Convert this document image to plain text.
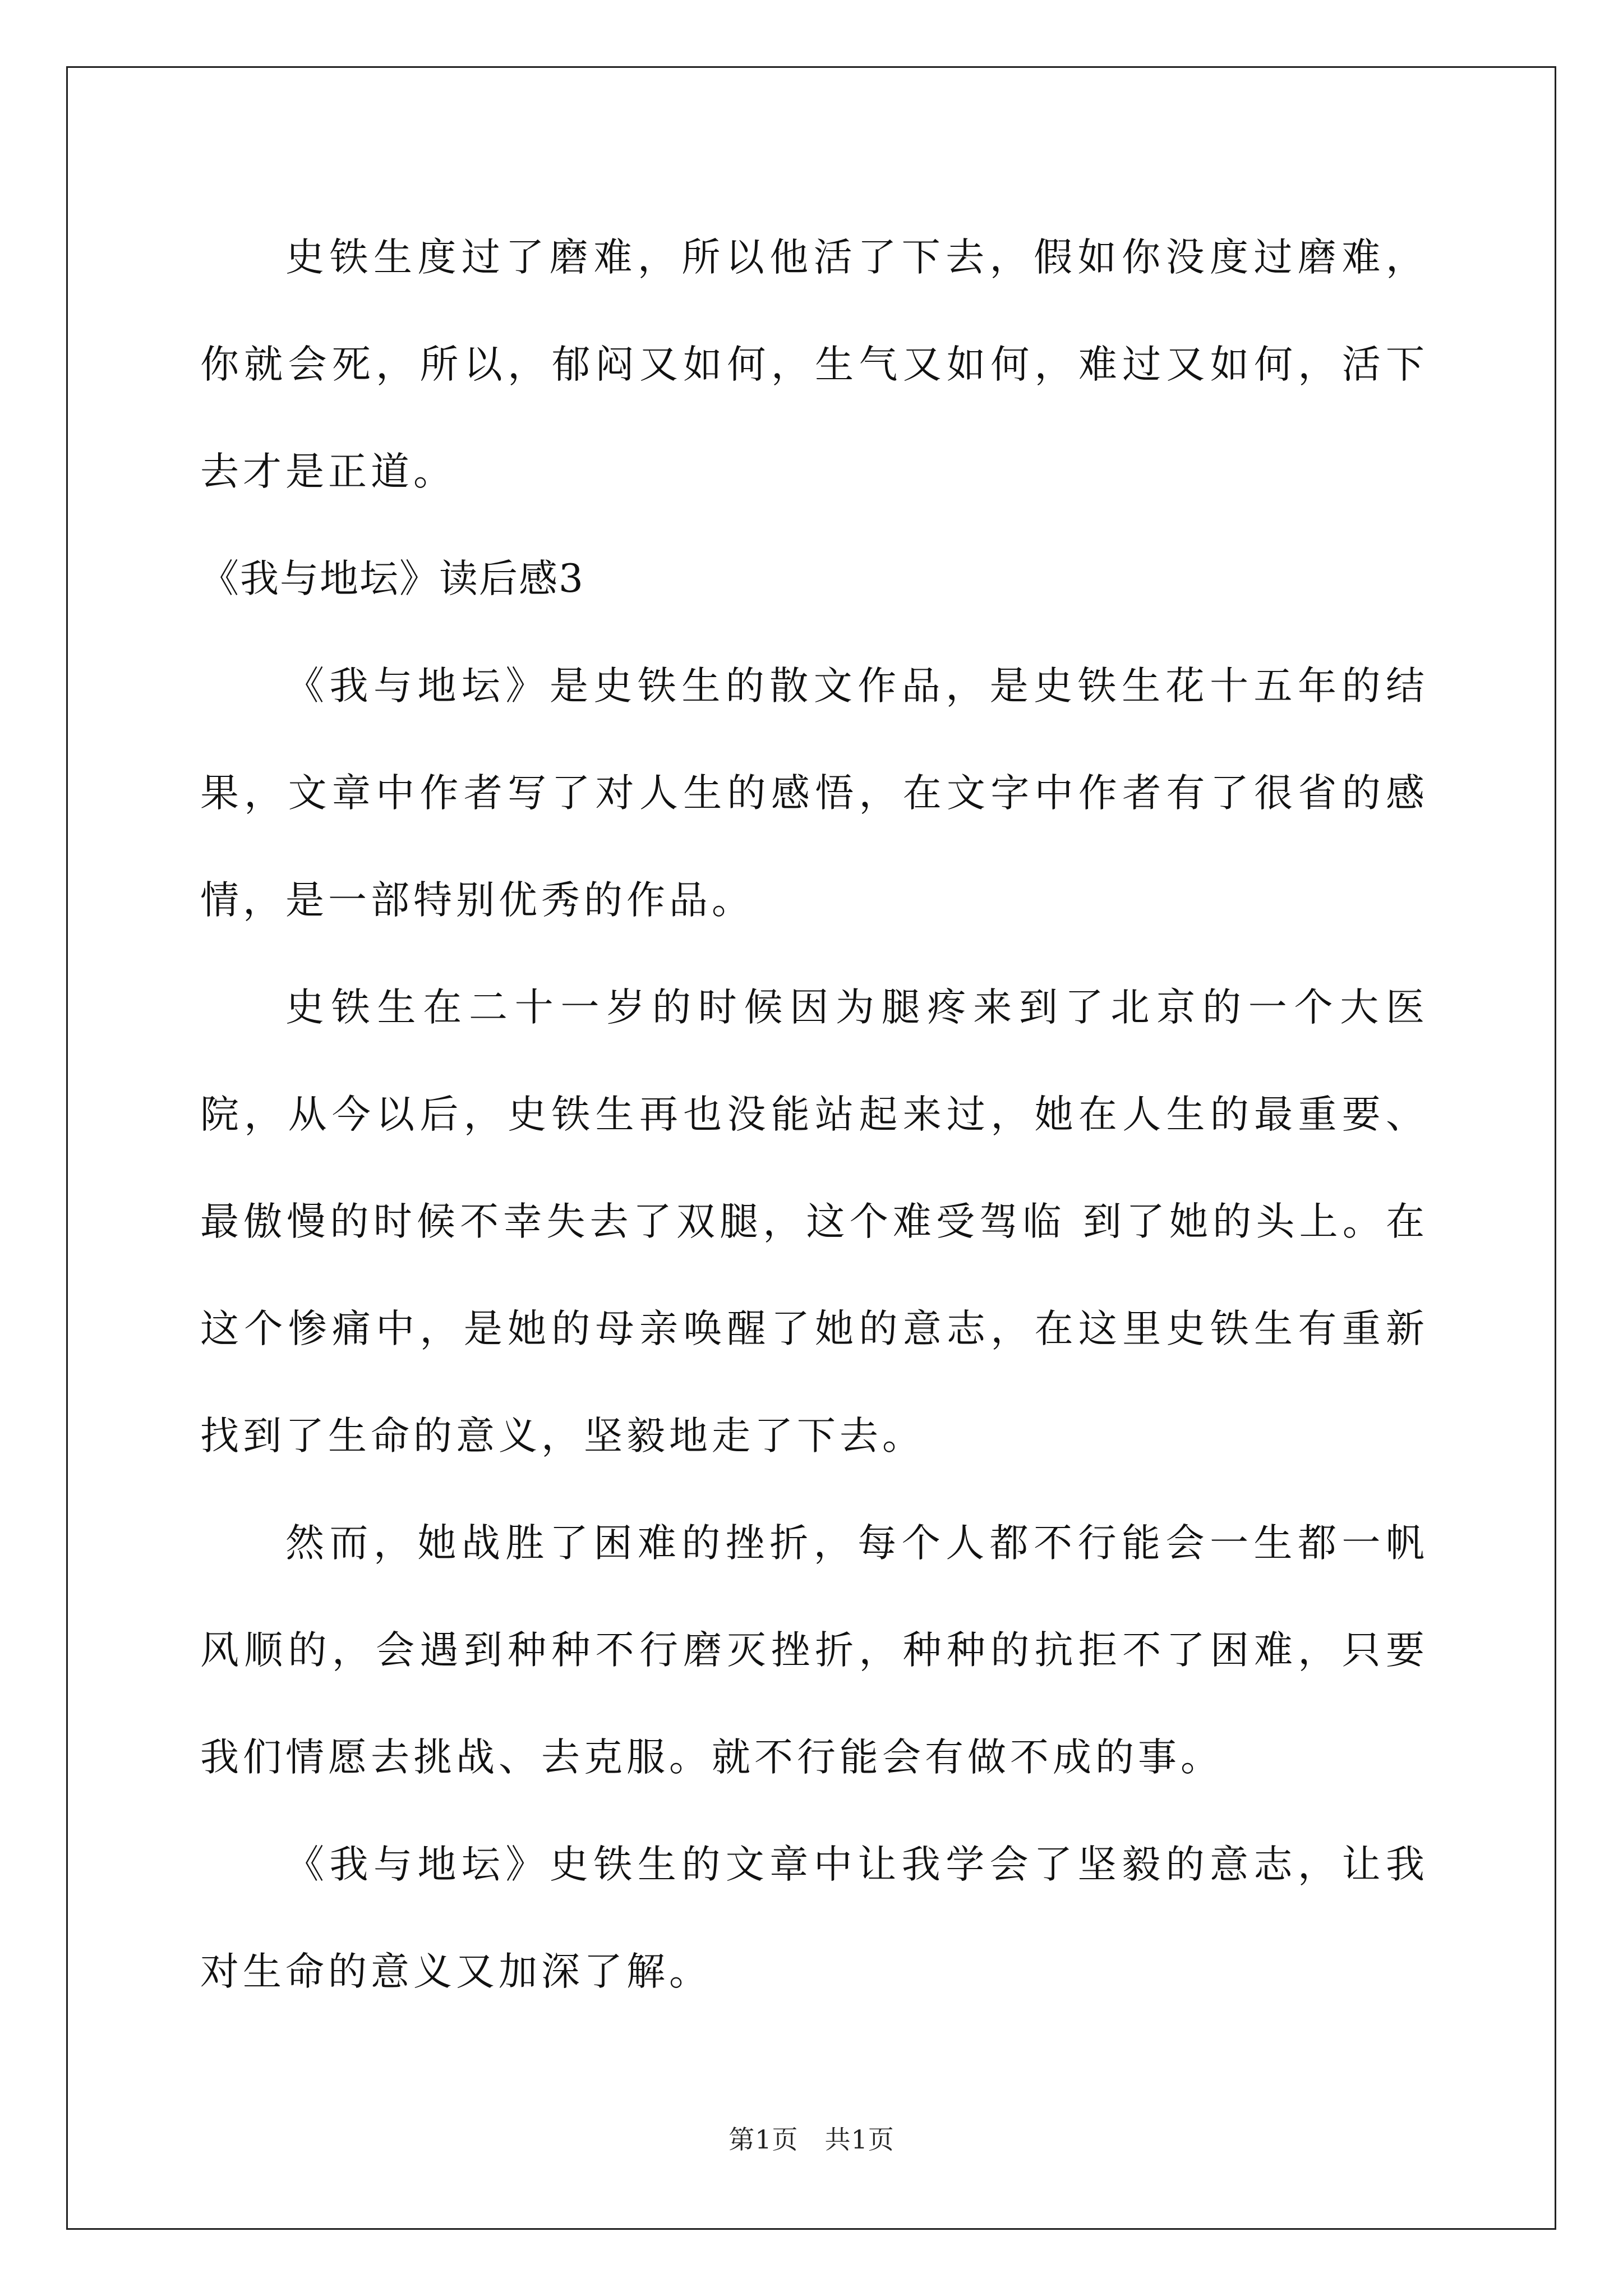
史铁生度过了磨难，所以他活了下去，假如你没度过磨难，你就会死，所以，郁闷又如何，生气又如何，难过又如何，活下去才是正道。

《我与地坛》读后感3

《我与地坛》是史铁生的散文作品，是史铁生花十五年的结果，文章中作者写了对人生的感悟，在文字中作者有了很省的感情，是一部特别优秀的作品。

史铁生在二十一岁的时候因为腿疼来到了北京的一个大医院，从今以后，史铁生再也没能站起来过，她在人生的最重要、最傲慢的时候不幸失去了双腿，这个难受驾临 到了她的头上。在这个惨痛中，是她的母亲唤醒了她的意志，在这里史铁生有重新找到了生命的意义，坚毅地走了下去。

然而，她战胜了困难的挫折，每个人都不行能会一生都一帆风顺的，会遇到种种不行磨灭挫折，种种的抗拒不了困难，只要我们情愿去挑战、去克服。就不行能会有做不成的事。

《我与地坛》史铁生的文章中让我学会了坚毅的意志，让我对生命的意义又加深了解。

第1页　共1页
